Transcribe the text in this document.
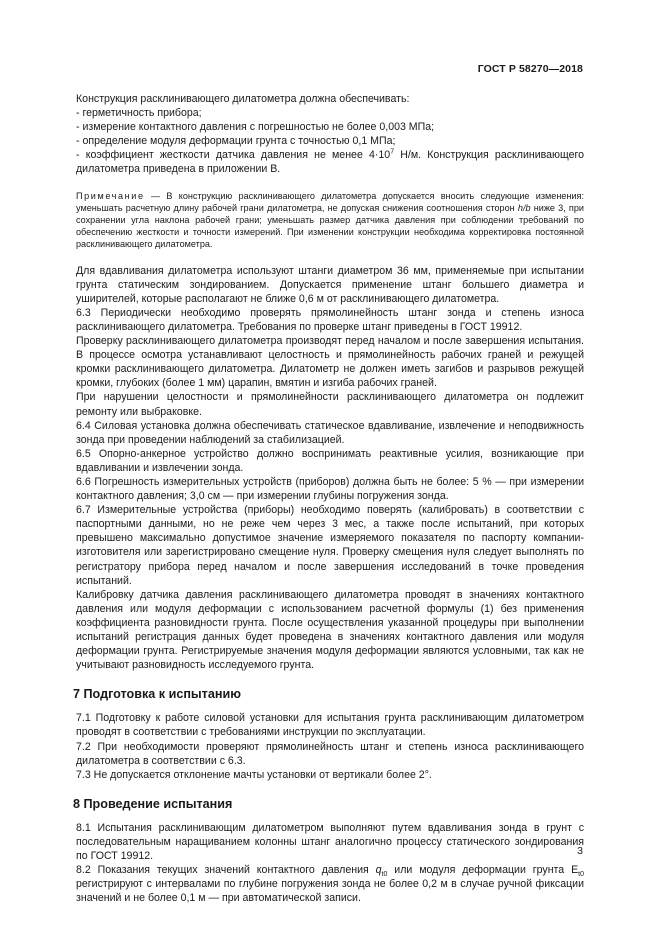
ГОСТ Р 58270—2018

Конструкция расклинивающего дилатометра должна обеспечивать:

- герметичность прибора;

- измерение контактного давления с погрешностью не более 0,003 МПа;

- определение модуля деформации грунта с точностью 0,1 МПа;

- коэффициент жесткости датчика давления не менее $4\cdot 10^7$ Н/м. Конструкция расклинивающего дилатометра приведена в приложении В.

Примечание — В конструкцию расклинивающего дилатометра допускается вносить следующие изменения: уменьшать расчетную длину рабочей грани дилатометра, не допуская снижения соотношения сторон h/b ниже 3, при сохранении угла наклона рабочей грани; уменьшать размер датчика давления при соблюдении требований по обеспечению жесткости и точности измерений. При изменении конструкции необходима корректировка постоянной расклинивающего дилатометра.

Для вдавливания дилатометра используют штанги диаметром 36 мм, применяемые при испытании грунта статическим зондированием. Допускается применение штанг большего диаметра и уширителей, которые располагают не ближе 0,6 м от расклинивающего дилатометра.

6.3 Периодически необходимо проверять прямолинейность штанг зонда и степень износа расклинивающего дилатометра. Требования по проверке штанг приведены в ГОСТ 19912.

Проверку расклинивающего дилатометра производят перед началом и после завершения испытания. В процессе осмотра устанавливают целостность и прямолинейность рабочих граней и режущей кромки расклинивающего дилатометра. Дилатометр не должен иметь загибов и разрывов режущей кромки, глубоких (более 1 мм) царапин, вмятин и изгиба рабочих граней.

При нарушении целостности и прямолинейности расклинивающего дилатометра он подлежит ремонту или выбраковке.

6.4 Силовая установка должна обеспечивать статическое вдавливание, извлечение и неподвижность зонда при проведении наблюдений за стабилизацией.

6.5 Опорно-анкерное устройство должно воспринимать реактивные усилия, возникающие при вдавливании и извлечении зонда.

6.6 Погрешность измерительных устройств (приборов) должна быть не более: 5 % — при измерении контактного давления; 3,0 см — при измерении глубины погружения зонда.

6.7 Измерительные устройства (приборы) необходимо поверять (калибровать) в соответствии с паспортными данными, но не реже чем через 3 мес, а также после испытаний, при которых превышено максимально допустимое значение измеряемого показателя по паспорту компании-изготовителя или зарегистрировано смещение нуля. Проверку смещения нуля следует выполнять по регистратору прибора перед началом и после завершения исследований в точке проведения испытаний.

Калибровку датчика давления расклинивающего дилатометра проводят в значениях контактного давления или модуля деформации с использованием расчетной формулы (1) без применения коэффициента разновидности грунта. После осуществления указанной процедуры при выполнении испытаний регистрация данных будет проведена в значениях контактного давления или модуля деформации грунта. Регистрируемые значения модуля деформации являются условными, так как не учитывают разновидность исследуемого грунта.

7 Подготовка к испытанию

7.1 Подготовку к работе силовой установки для испытания грунта расклинивающим дилатометром проводят в соответствии с требованиями инструкции по эксплуатации.

7.2 При необходимости проверяют прямолинейность штанг и степень износа расклинивающего дилатометра в соответствии с 6.3.

7.3 Не допускается отклонение мачты установки от вертикали более 2°.

8 Проведение испытания

8.1 Испытания расклинивающим дилатометром выполняют путем вдавливания зонда в грунт с последовательным наращиванием колонны штанг аналогично процессу статического зондирования по ГОСТ 19912.

8.2 Показания текущих значений контактного давления $q_{t0}$ или модуля деформации грунта $E_{t0}$ регистрируют с интервалами по глубине погружения зонда не более 0,2 м в случае ручной фиксации значений и не более 0,1 м — при автоматической записи.

3
